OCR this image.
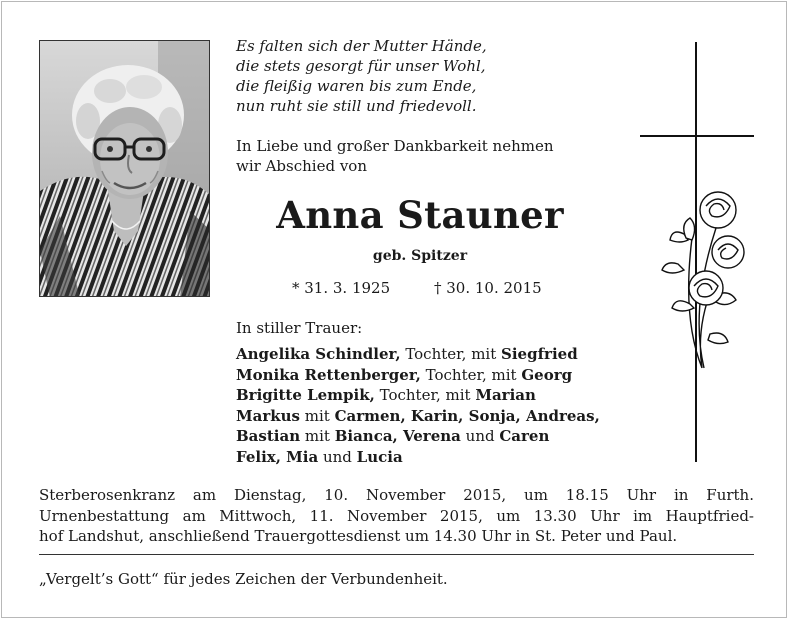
Es falten sich der Mutter Hände,
die stets gesorgt für unser Wohl,
die fleißig waren bis zum Ende,
nun ruht sie still und friedevoll.
In Liebe und großer Dankbarkeit nehmen
wir Abschied von
Anna Stauner
geb. Spitzer
* 31. 3. 1925	† 30. 10. 2015
In stiller Trauer:
Angelika Schindler, Tochter, mit Siegfried
Monika Rettenberger, Tochter, mit Georg
Brigitte Lempik, Tochter, mit Marian
Markus mit Carmen, Karin, Sonja, Andreas,
Bastian mit Bianca, Verena und Caren
Felix, Mia und Lucia
Sterberosenkranz am Dienstag, 10. November 2015, um 18.15 Uhr in Furth.
Urnenbestattung am Mittwoch, 11. November 2015, um 13.30 Uhr im Hauptfried-
hof Landshut, anschließend Trauergottesdienst um 14.30 Uhr in St. Peter und Paul.
„Vergelt’s Gott“ für jedes Zeichen der Verbundenheit.
